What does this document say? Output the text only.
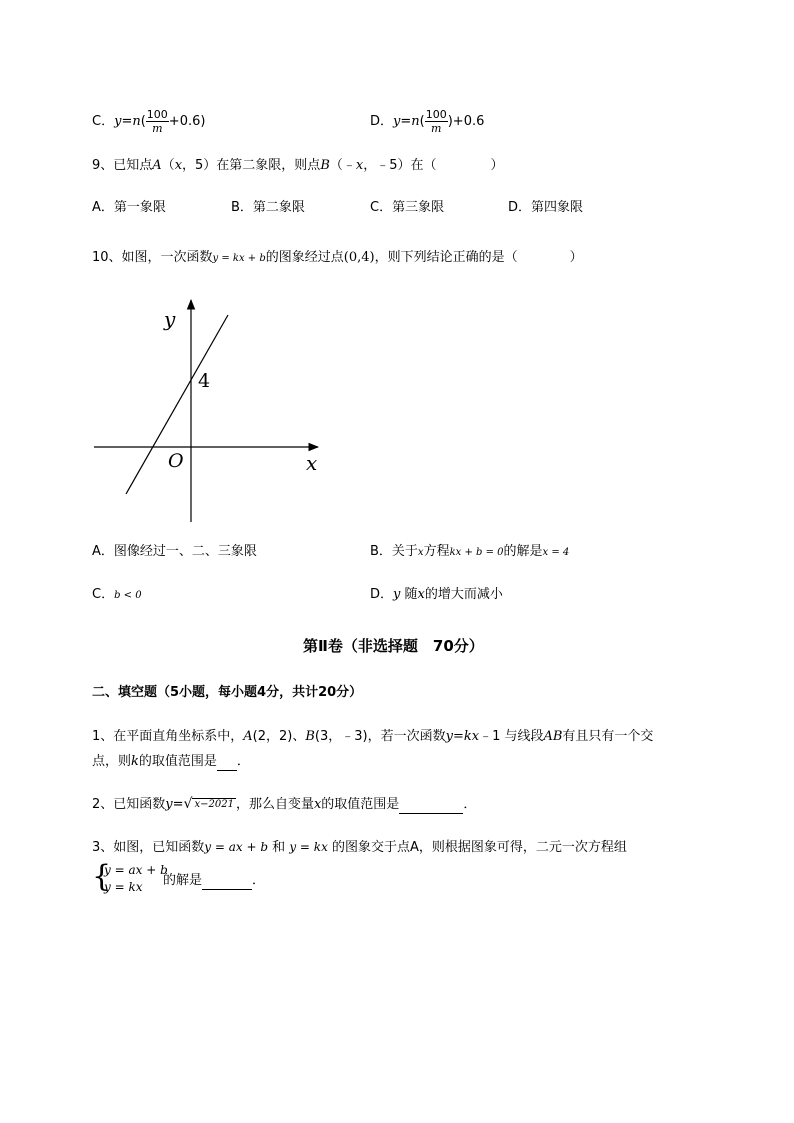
C．$y=n( \frac{100}{m} +0.6)$	D．$y=n( \frac{100}{m} )+0.6$
9、已知点A（x，5）在第二象限，则点B（﹣x，﹣5）在（	）
A．第一象限	B．第二象限	C．第三象限	D．第四象限
10、如图，一次函数y = kx + b的图象经过点(0,4)，则下列结论正确的是（	）
y
x
O
4
A．图像经过一、二、三象限	B．关于x方程kx + b = 0的解是x = 4
C．b < 0	D．y 随x的增大而减小
第Ⅱ卷（非选择题　70分）
二、填空题（5小题，每小题4分，共计20分）
1、在平面直角坐标系中，A(2，2)、B(3，﹣3)，若一次函数y=kx﹣1 与线段AB有且只有一个交
点，则k的取值范围是 ．
2、已知函数y=√ x−2021 ，那么自变量x的取值范围是	．
3、如图，已知函数y = ax + b 和 y = kx 的图象交于点A，则根据图象可得，二元一次方程组
{
y = ax + b
y = kx	的解是	．
